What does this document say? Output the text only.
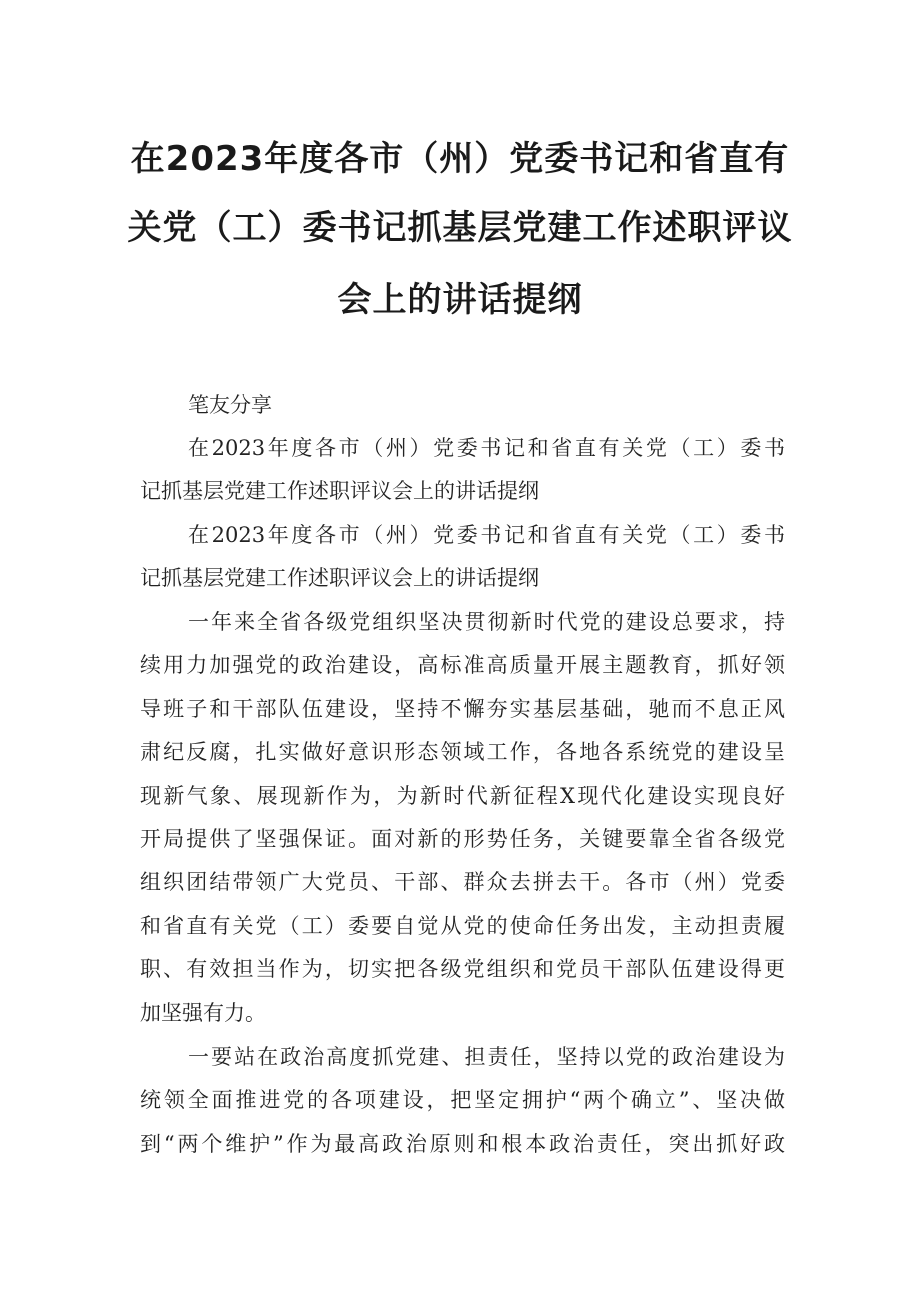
在2023年度各市（州）党委书记和省直有
关党（工）委书记抓基层党建工作述职评议
会上的讲话提纲
笔友分享
在2023年度各市（州）党委书记和省直有关党（工）委书
记抓基层党建工作述职评议会上的讲话提纲
在2023年度各市（州）党委书记和省直有关党（工）委书
记抓基层党建工作述职评议会上的讲话提纲
一年来全省各级党组织坚决贯彻新时代党的建设总要求，持
续用力加强党的政治建设，高标准高质量开展主题教育，抓好领
导班子和干部队伍建设，坚持不懈夯实基层基础，驰而不息正风
肃纪反腐，扎实做好意识形态领域工作，各地各系统党的建设呈
现新气象、展现新作为，为新时代新征程X现代化建设实现良好
开局提供了坚强保证。面对新的形势任务，关键要靠全省各级党
组织团结带领广大党员、干部、群众去拼去干。各市（州）党委
和省直有关党（工）委要自觉从党的使命任务出发，主动担责履
职、有效担当作为，切实把各级党组织和党员干部队伍建设得更
加坚强有力。
一要站在政治高度抓党建、担责任，坚持以党的政治建设为
统领全面推进党的各项建设，把坚定拥护“两个确立”、坚决做
到“两个维护”作为最高政治原则和根本政治责任，突出抓好政
